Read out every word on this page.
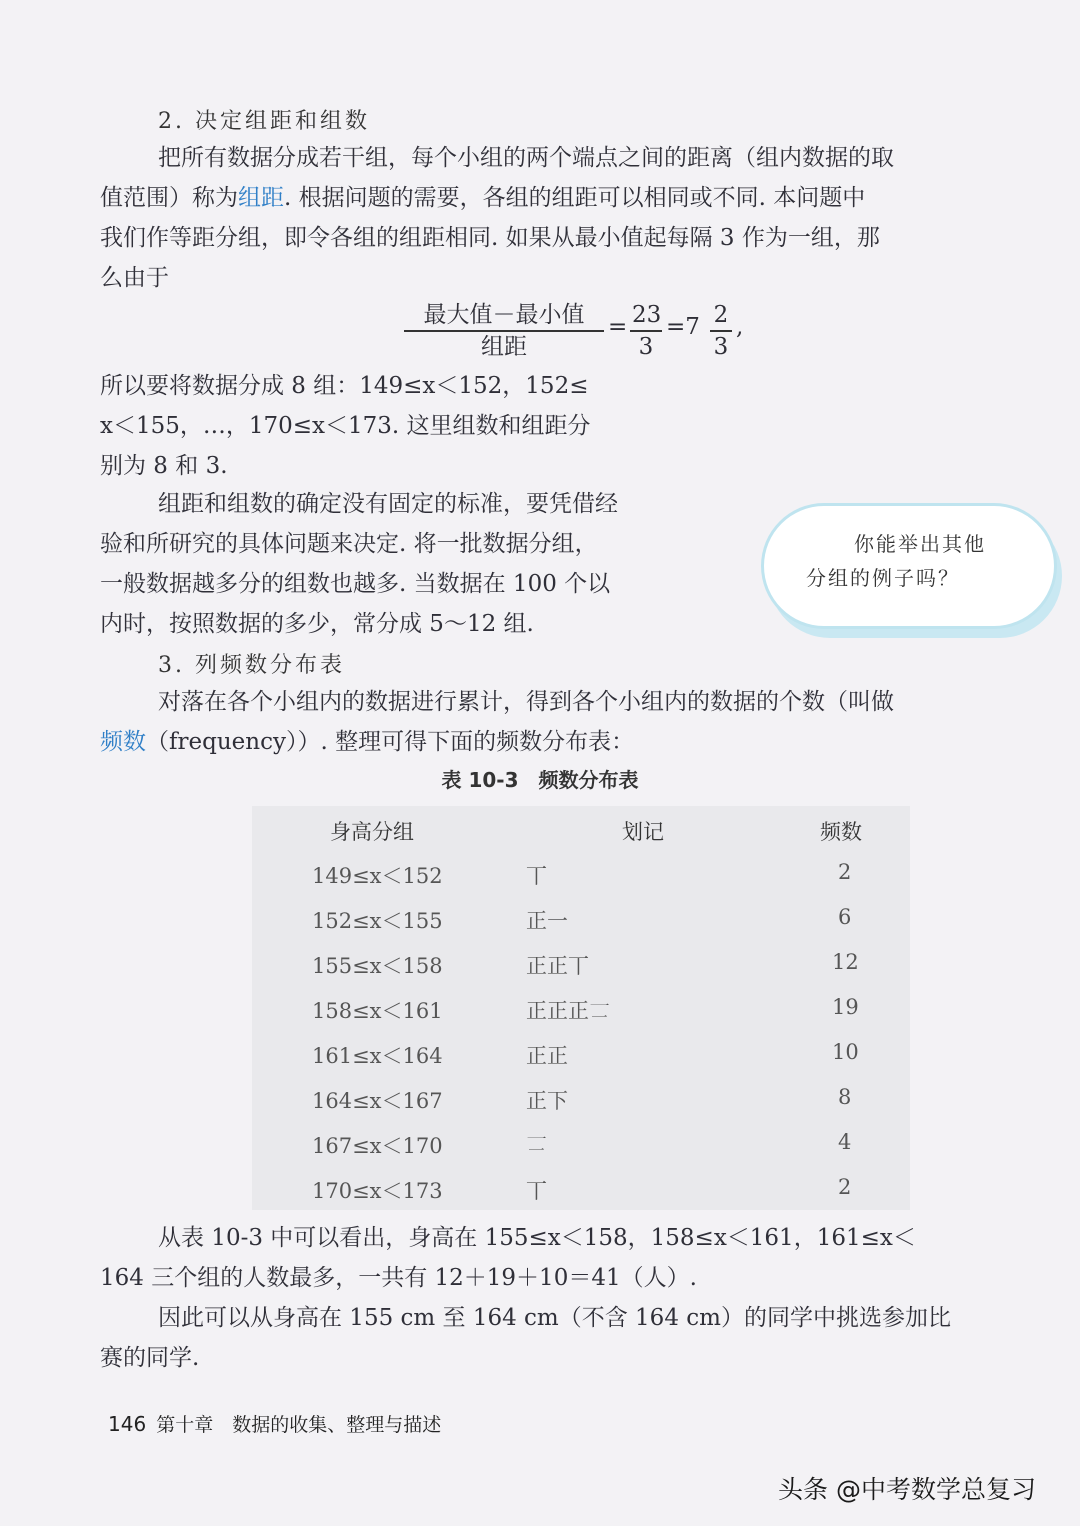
2. 决定组距和组数
把所有数据分成若干组，每个小组的两个端点之间的距离（组内数据的取
值范围）称为组距. 根据问题的需要，各组的组距可以相同或不同. 本问题中
我们作等距分组，即令各组的组距相同. 如果从最小值起每隔 3 作为一组，那
么由于
最大值－最小值
组距
= $\frac{23}{3} =7 \frac{2}{3}$ ,
所以要将数据分成 8 组：149≤x＜152，152≤
x＜155，…，170≤x＜173. 这里组数和组距分
别为 8 和 3.
组距和组数的确定没有固定的标准，要凭借经
验和所研究的具体问题来决定. 将一批数据分组，
一般数据越多分的组数也越多. 当数据在 100 个以
内时，按照数据的多少，常分成 5～12 组.
你能举出其他
分组的例子吗？
3. 列频数分布表
对落在各个小组内的数据进行累计，得到各个小组内的数据的个数（叫做
频数（frequency））. 整理可得下面的频数分布表：
表 10-3　频数分布表
身高分组	划记	频数
149≤x＜152	丅	2
152≤x＜155	正一	6
155≤x＜158	正正丅	12
158≤x＜161	正正正𠄟	19
161≤x＜164	正正	10
164≤x＜167	正下	8
167≤x＜170	𠄟	4
170≤x＜173	丅	2
从表 10-3 中可以看出，身高在 155≤x＜158，158≤x＜161，161≤x＜
164 三个组的人数最多，一共有 12＋19＋10＝41（人）.
因此可以从身高在 155 cm 至 164 cm（不含 164 cm）的同学中挑选参加比
赛的同学.
146 第十章　数据的收集、整理与描述
头条 @中考数学总复习
